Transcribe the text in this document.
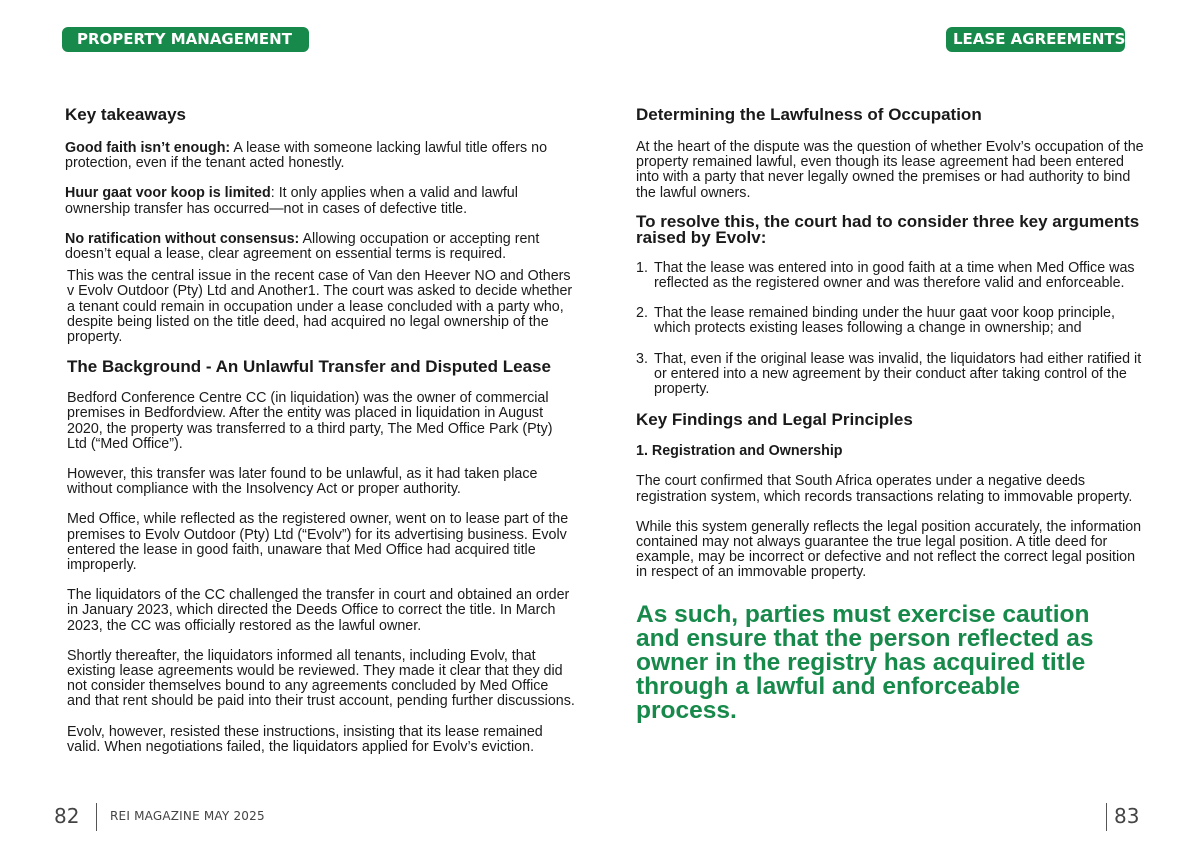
PROPERTY MANAGEMENT	LEASE AGREEMENTS
Key takeaways

Good faith isn’t enough: A lease with someone lacking lawful title offers no protection, even if the tenant acted honestly.

Huur gaat voor koop is limited: It only applies when a valid and lawful ownership transfer has occurred—not in cases of defective title.

No ratification without consensus: Allowing occupation or accepting rent doesn’t equal a lease, clear agreement on essential terms is required.

This was the central issue in the recent case of Van den Heever NO and Others v Evolv Outdoor (Pty) Ltd and Another1. The court was asked to decide whether a tenant could remain in occupation under a lease concluded with a party who, despite being listed on the title deed, had acquired no legal ownership of the property.

The Background - An Unlawful Transfer and Disputed Lease

Bedford Conference Centre CC (in liquidation) was the owner of commercial premises in Bedfordview. After the entity was placed in liquidation in August 2020, the property was transferred to a third party, The Med Office Park (Pty) Ltd (“Med Office”).

However, this transfer was later found to be unlawful, as it had taken place without compliance with the Insolvency Act or proper authority.

Med Office, while reflected as the registered owner, went on to lease part of the premises to Evolv Outdoor (Pty) Ltd (“Evolv”) for its advertising business. Evolv entered the lease in good faith, unaware that Med Office had acquired title improperly.

The liquidators of the CC challenged the transfer in court and obtained an order in January 2023, which directed the Deeds Office to correct the title. In March 2023, the CC was officially restored as the lawful owner.

Shortly thereafter, the liquidators informed all tenants, including Evolv, that existing lease agreements would be reviewed. They made it clear that they did not consider themselves bound to any agreements concluded by Med Office and that rent should be paid into their trust account, pending further discussions.

Evolv, however, resisted these instructions, insisting that its lease remained valid. When negotiations failed, the liquidators applied for Evolv’s eviction.

Determining the Lawfulness of Occupation

At the heart of the dispute was the question of whether Evolv’s occupation of the property remained lawful, even though its lease agreement had been entered into with a party that never legally owned the premises or had authority to bind the lawful owners.

To resolve this, the court had to consider three key arguments raised by Evolv:
1. That the lease was entered into in good faith at a time when Med Office was reflected as the registered owner and was therefore valid and enforceable.
2. That the lease remained binding under the huur gaat voor koop principle, which protects existing leases following a change in ownership; and
3. That, even if the original lease was invalid, the liquidators had either ratified it or entered into a new agreement by their conduct after taking control of the property.
Key Findings and Legal Principles

1. Registration and Ownership

The court confirmed that South Africa operates under a negative deeds registration system, which records transactions relating to immovable property.

While this system generally reflects the legal position accurately, the information contained may not always guarantee the true legal position. A title deed for example, may be incorrect or defective and not reflect the correct legal position in respect of an immovable property.

As such, parties must exercise caution and ensure that the person reflected as owner in the registry has acquired title through a lawful and enforceable process.

82	REI MAGAZINE MAY 2025	83
